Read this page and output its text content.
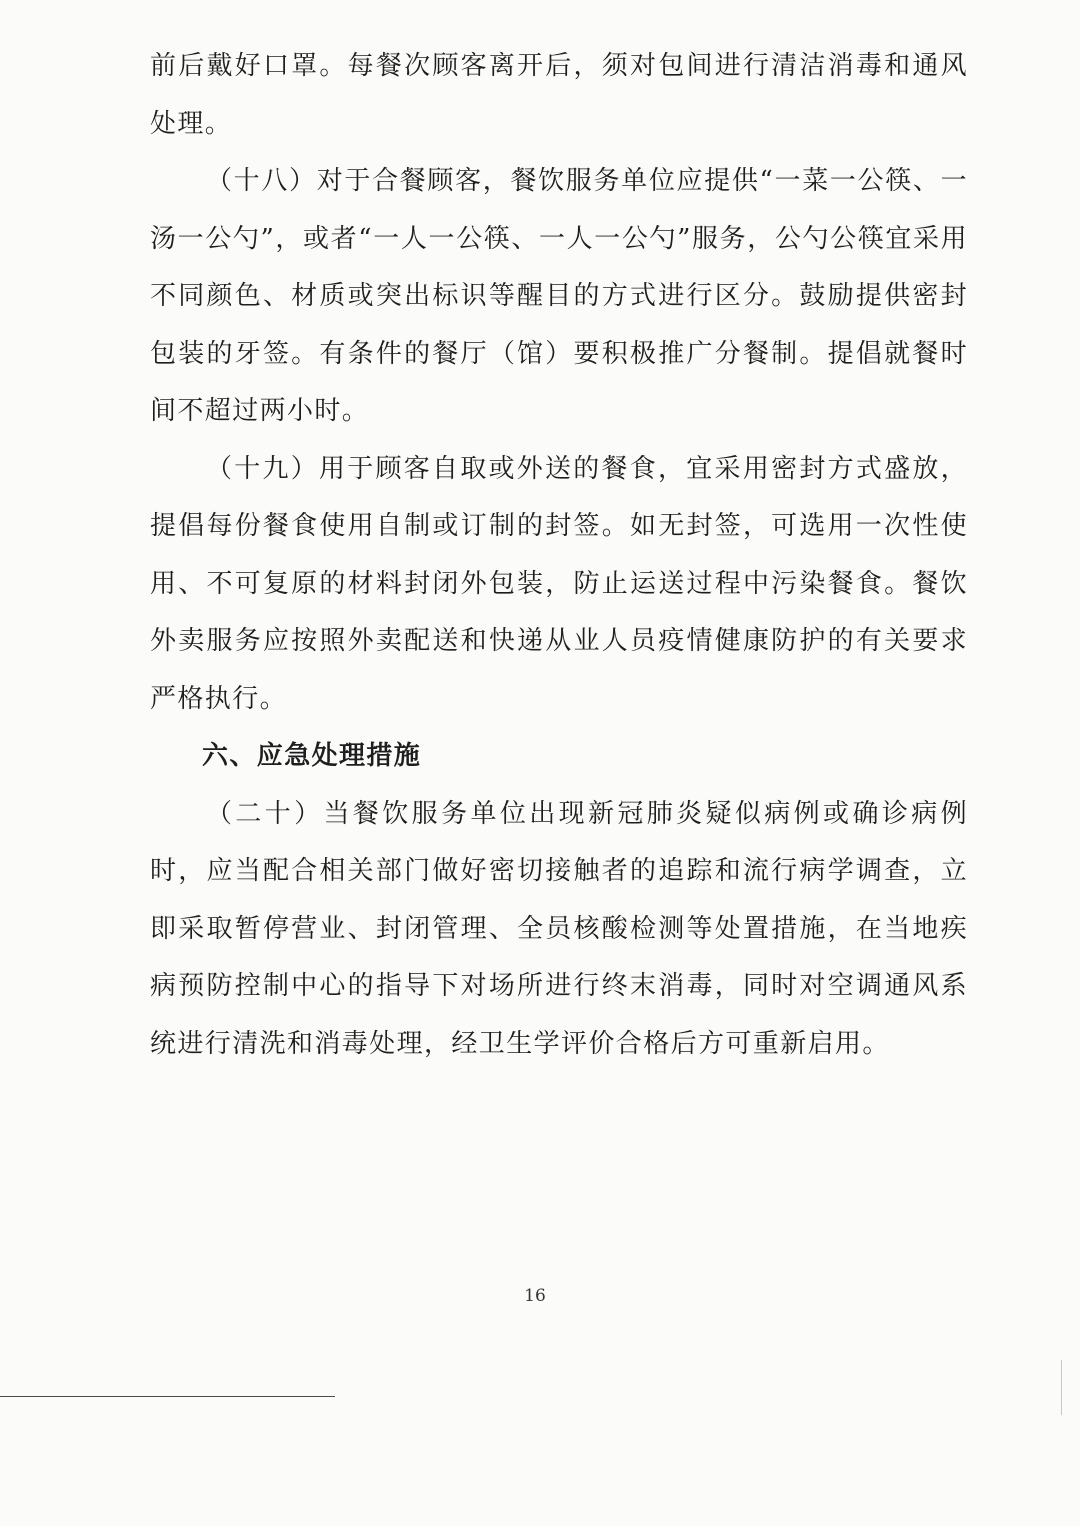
前后戴好口罩。每餐次顾客离开后，须对包间进行清洁消毒和通风处理。

（十八）对于合餐顾客，餐饮服务单位应提供“一菜一公筷、一汤一公勺”，或者“一人一公筷、一人一公勺”服务，公勺公筷宜采用不同颜色、材质或突出标识等醒目的方式进行区分。鼓励提供密封包装的牙签。有条件的餐厅（馆）要积极推广分餐制。提倡就餐时间不超过两小时。

（十九）用于顾客自取或外送的餐食，宜采用密封方式盛放，提倡每份餐食使用自制或订制的封签。如无封签，可选用一次性使用、不可复原的材料封闭外包装，防止运送过程中污染餐食。餐饮外卖服务应按照外卖配送和快递从业人员疫情健康防护的有关要求严格执行。

六、应急处理措施

（二十）当餐饮服务单位出现新冠肺炎疑似病例或确诊病例时，应当配合相关部门做好密切接触者的追踪和流行病学调查，立即采取暂停营业、封闭管理、全员核酸检测等处置措施，在当地疾病预防控制中心的指导下对场所进行终末消毒，同时对空调通风系统进行清洗和消毒处理，经卫生学评价合格后方可重新启用。

16
